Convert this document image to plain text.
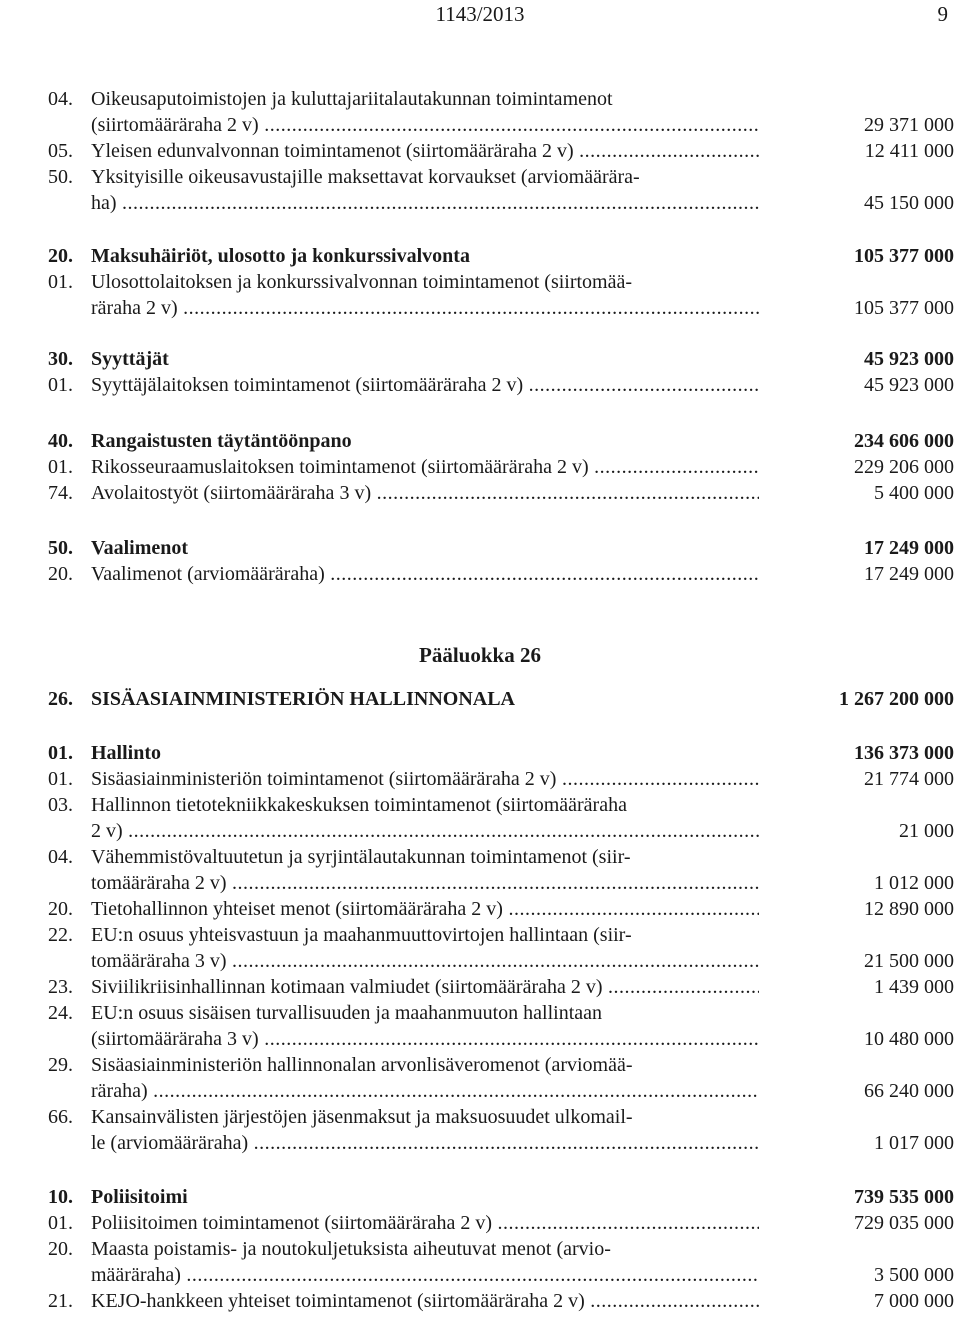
1143/2013	9
Pääluokka 26
04. Oikeusaputoimistojen ja kuluttajariitalautakunnan toimintamenot
(siirtomääräraha 2 v) .....	29 371 000
05. Yleisen edunvalvonnan toimintamenot (siirtomääräraha 2 v) .....	12 411 000
50. Yksityisille oikeusavustajille maksettavat korvaukset (arviomäärära-
ha) .....	45 150 000
20. Maksuhäiriöt, ulosotto ja konkurssivalvonta	105 377 000
01. Ulosottolaitoksen ja konkurssivalvonnan toimintamenot (siirtomää-
räraha 2 v) .....	105 377 000
30. Syyttäjät	45 923 000
01. Syyttäjälaitoksen toimintamenot (siirtomääräraha 2 v) .....	45 923 000
40. Rangaistusten täytäntöönpano	234 606 000
01. Rikosseuraamuslaitoksen toimintamenot (siirtomääräraha 2 v) .....	229 206 000
74. Avolaitostyöt (siirtomääräraha 3 v) .....	5 400 000
50. Vaalimenot	17 249 000
20. Vaalimenot (arviomääräraha) .....	17 249 000
26. SISÄASIAINMINISTERIÖN HALLINNONALA	1 267 200 000
01. Hallinto	136 373 000
01. Sisäasiainministeriön toimintamenot (siirtomääräraha 2 v) .....	21 774 000
03. Hallinnon tietotekniikkakeskuksen toimintamenot (siirtomääräraha
2 v) .....	21 000
04. Vähemmistövaltuutetun ja syrjintälautakunnan toimintamenot (siir-
tomääräraha 2 v) .....	1 012 000
20. Tietohallinnon yhteiset menot (siirtomääräraha 2 v) .....	12 890 000
22. EU:n osuus yhteisvastuun ja maahanmuuttovirtojen hallintaan (siir-
tomääräraha 3 v) .....	21 500 000
23. Siviilikriisinhallinnan kotimaan valmiudet (siirtomääräraha 2 v) .....	1 439 000
24. EU:n osuus sisäisen turvallisuuden ja maahanmuuton hallintaan
(siirtomääräraha 3 v) .....	10 480 000
29. Sisäasiainministeriön hallinnonalan arvonlisäveromenot (arviomää-
räraha) .....	66 240 000
66. Kansainvälisten järjestöjen jäsenmaksut ja maksuosuudet ulkomail-
le (arviomääräraha) .....	1 017 000
10. Poliisitoimi	739 535 000
01. Poliisitoimen toimintamenot (siirtomääräraha 2 v) .....	729 035 000
20. Maasta poistamis- ja noutokuljetuksista aiheutuvat menot (arvio-
määräraha) .....	3 500 000
21. KEJO-hankkeen yhteiset toimintamenot (siirtomääräraha 2 v) .....	7 000 000
